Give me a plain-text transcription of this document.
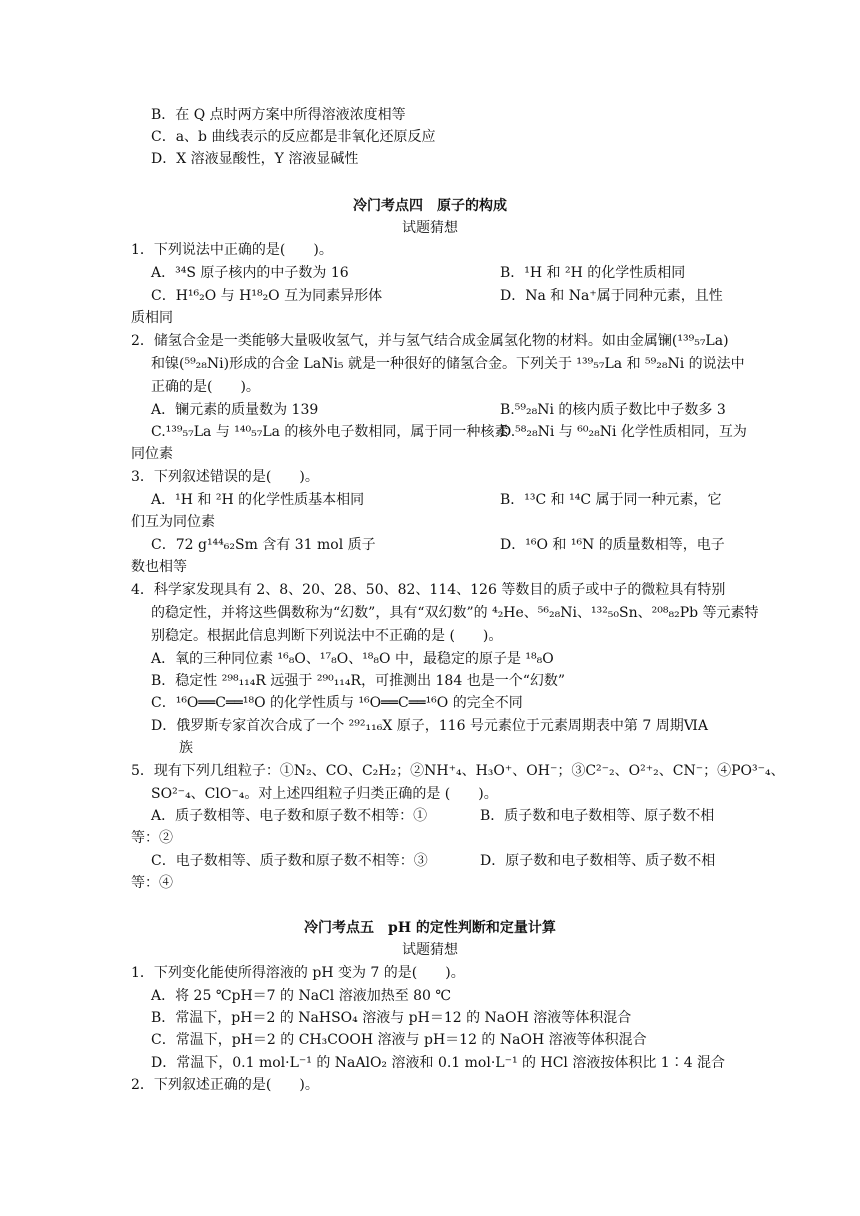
B．在 Q 点时两方案中所得溶液浓度相等
C．a、b 曲线表示的反应都是非氧化还原反应
D．X 溶液显酸性，Y 溶液显碱性
冷门考点四　原子的构成
试题猜想
1．下列说法中正确的是(　　)。
A．³⁴S 原子核内的中子数为 16	B．¹H 和 ²H 的化学性质相同
C．H¹⁶₂O 与 H¹⁸₂O 互为同素异形体	D．Na 和 Na⁺属于同种元素，且性
质相同
2．储氢合金是一类能够大量吸收氢气，并与氢气结合成金属氢化物的材料。如由金属镧(¹³⁹₅₇La)
和镍(⁵⁹₂₈Ni)形成的合金 LaNi₅ 就是一种很好的储氢合金。下列关于 ¹³⁹₅₇La 和 ⁵⁹₂₈Ni 的说法中
正确的是(　　)。
A．镧元素的质量数为 139	B.⁵⁹₂₈Ni 的核内质子数比中子数多 3
C.¹³⁹₅₇La 与 ¹⁴⁰₅₇La 的核外电子数相同，属于同一种核素
D.⁵⁸₂₈Ni 与 ⁶⁰₂₈Ni 化学性质相同，互为
同位素
3．下列叙述错误的是(　　)。
A．¹H 和 ²H 的化学性质基本相同	B．¹³C 和 ¹⁴C 属于同一种元素，它
们互为同位素
C．72 g¹⁴⁴₆₂Sm 含有 31 mol 质子	D．¹⁶O 和 ¹⁶N 的质量数相等，电子
数也相等
4．科学家发现具有 2、8、20、28、50、82、114、126 等数目的质子或中子的微粒具有特别
的稳定性，并将这些偶数称为“幻数”，具有“双幻数”的 ⁴₂He、⁵⁶₂₈Ni、¹³²₅₀Sn、²⁰⁸₈₂Pb 等元素特
别稳定。根据此信息判断下列说法中不正确的是 (　　)。
A．氧的三种同位素 ¹⁶₈O、¹⁷₈O、¹⁸₈O 中，最稳定的原子是 ¹⁸₈O
B．稳定性 ²⁹⁸₁₁₄R 远强于 ²⁹⁰₁₁₄R，可推测出 184 也是一个“幻数”
C．¹⁶O══C══¹⁸O 的化学性质与 ¹⁶O══C══¹⁶O 的完全不同
D．俄罗斯专家首次合成了一个 ²⁹²₁₁₆X 原子，116 号元素位于元素周期表中第 7 周期ⅥA
族
5．现有下列几组粒子：①N₂、CO、C₂H₂；②NH⁺₄、H₃O⁺、OH⁻；③C²⁻₂、O²⁺₂、CN⁻；④PO³⁻₄、
SO²⁻₄、ClO⁻₄。对上述四组粒子归类正确的是 (　　)。
A．质子数相等、电子数和原子数不相等：①	B．质子数和电子数相等、原子数不相
等：②
C．电子数相等、质子数和原子数不相等：③	D．原子数和电子数相等、质子数不相
等：④
冷门考点五　pH 的定性判断和定量计算
试题猜想
1．下列变化能使所得溶液的 pH 变为 7 的是(　　)。
A．将 25 ℃pH＝7 的 NaCl 溶液加热至 80 ℃
B．常温下，pH＝2 的 NaHSO₄ 溶液与 pH＝12 的 NaOH 溶液等体积混合
C．常温下，pH＝2 的 CH₃COOH 溶液与 pH＝12 的 NaOH 溶液等体积混合
D．常温下，0.1 mol·L⁻¹ 的 NaAlO₂ 溶液和 0.1 mol·L⁻¹ 的 HCl 溶液按体积比 1∶4 混合
2．下列叙述正确的是(　　)。
